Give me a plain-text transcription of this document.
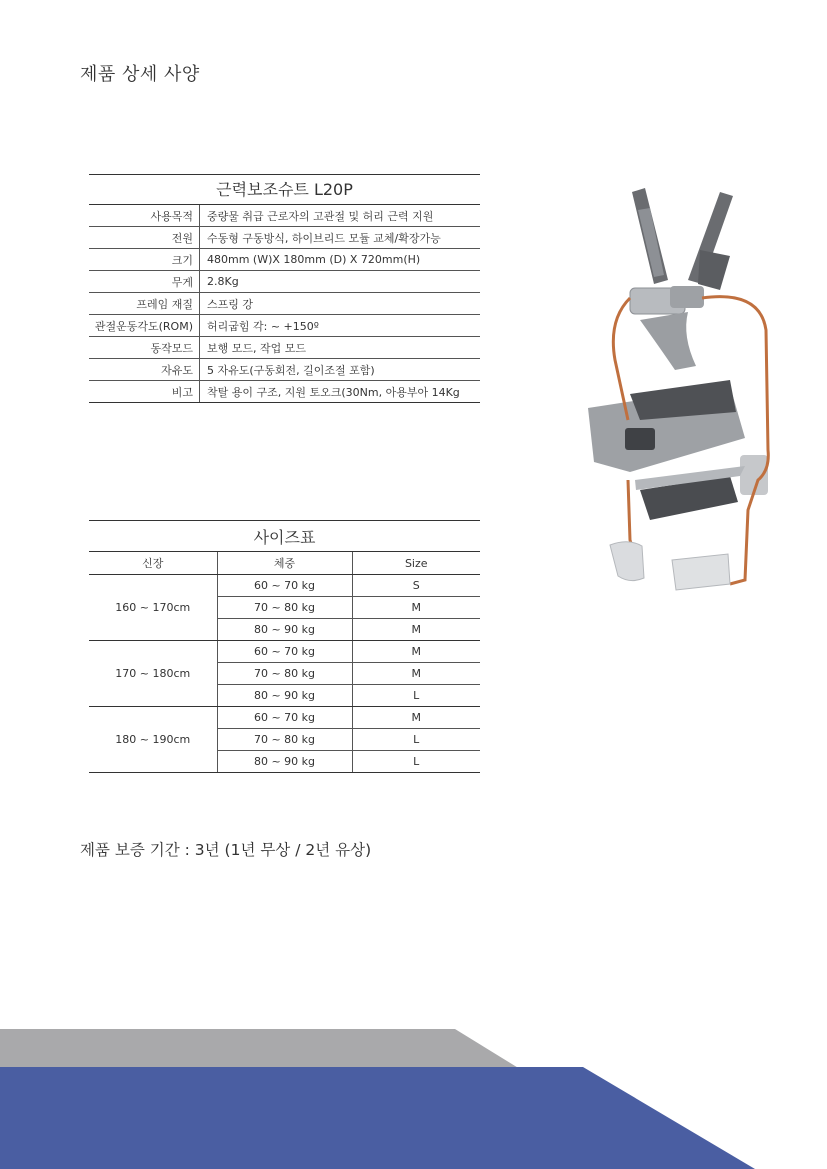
제품 상세 사양
근력보조슈트 L20P
사용목적	중량물 취급 근로자의 고관절 및 허리 근력 지원
전원	수동형 구동방식, 하이브리드 모듈 교체/확장가능
크기	480mm (W)X 180mm (D) X 720mm(H)
무게	2.8Kg
프레임 재질	스프링 강
관절운동각도(ROM)	허리굽힘 각: ~ +150º
동작모드	보행 모드, 작업 모드
자유도	5 자유도(구동회전, 길이조절 포함)
비고	착탈 용이 구조, 지원 토오크(30Nm, 아용부아 14Kg
사이즈표
신장	체중	Size
160 ~ 170cm	60 ~ 70 kg	S
	70 ~ 80 kg	M
	80 ~ 90 kg	M
170 ~ 180cm	60 ~ 70 kg	M
	70 ~ 80 kg	M
	80 ~ 90 kg	L
180 ~ 190cm	60 ~ 70 kg	M
	70 ~ 80 kg	L
	80 ~ 90 kg	L
제품 보증 기간 : 3년 (1년 무상 / 2년 유상)
